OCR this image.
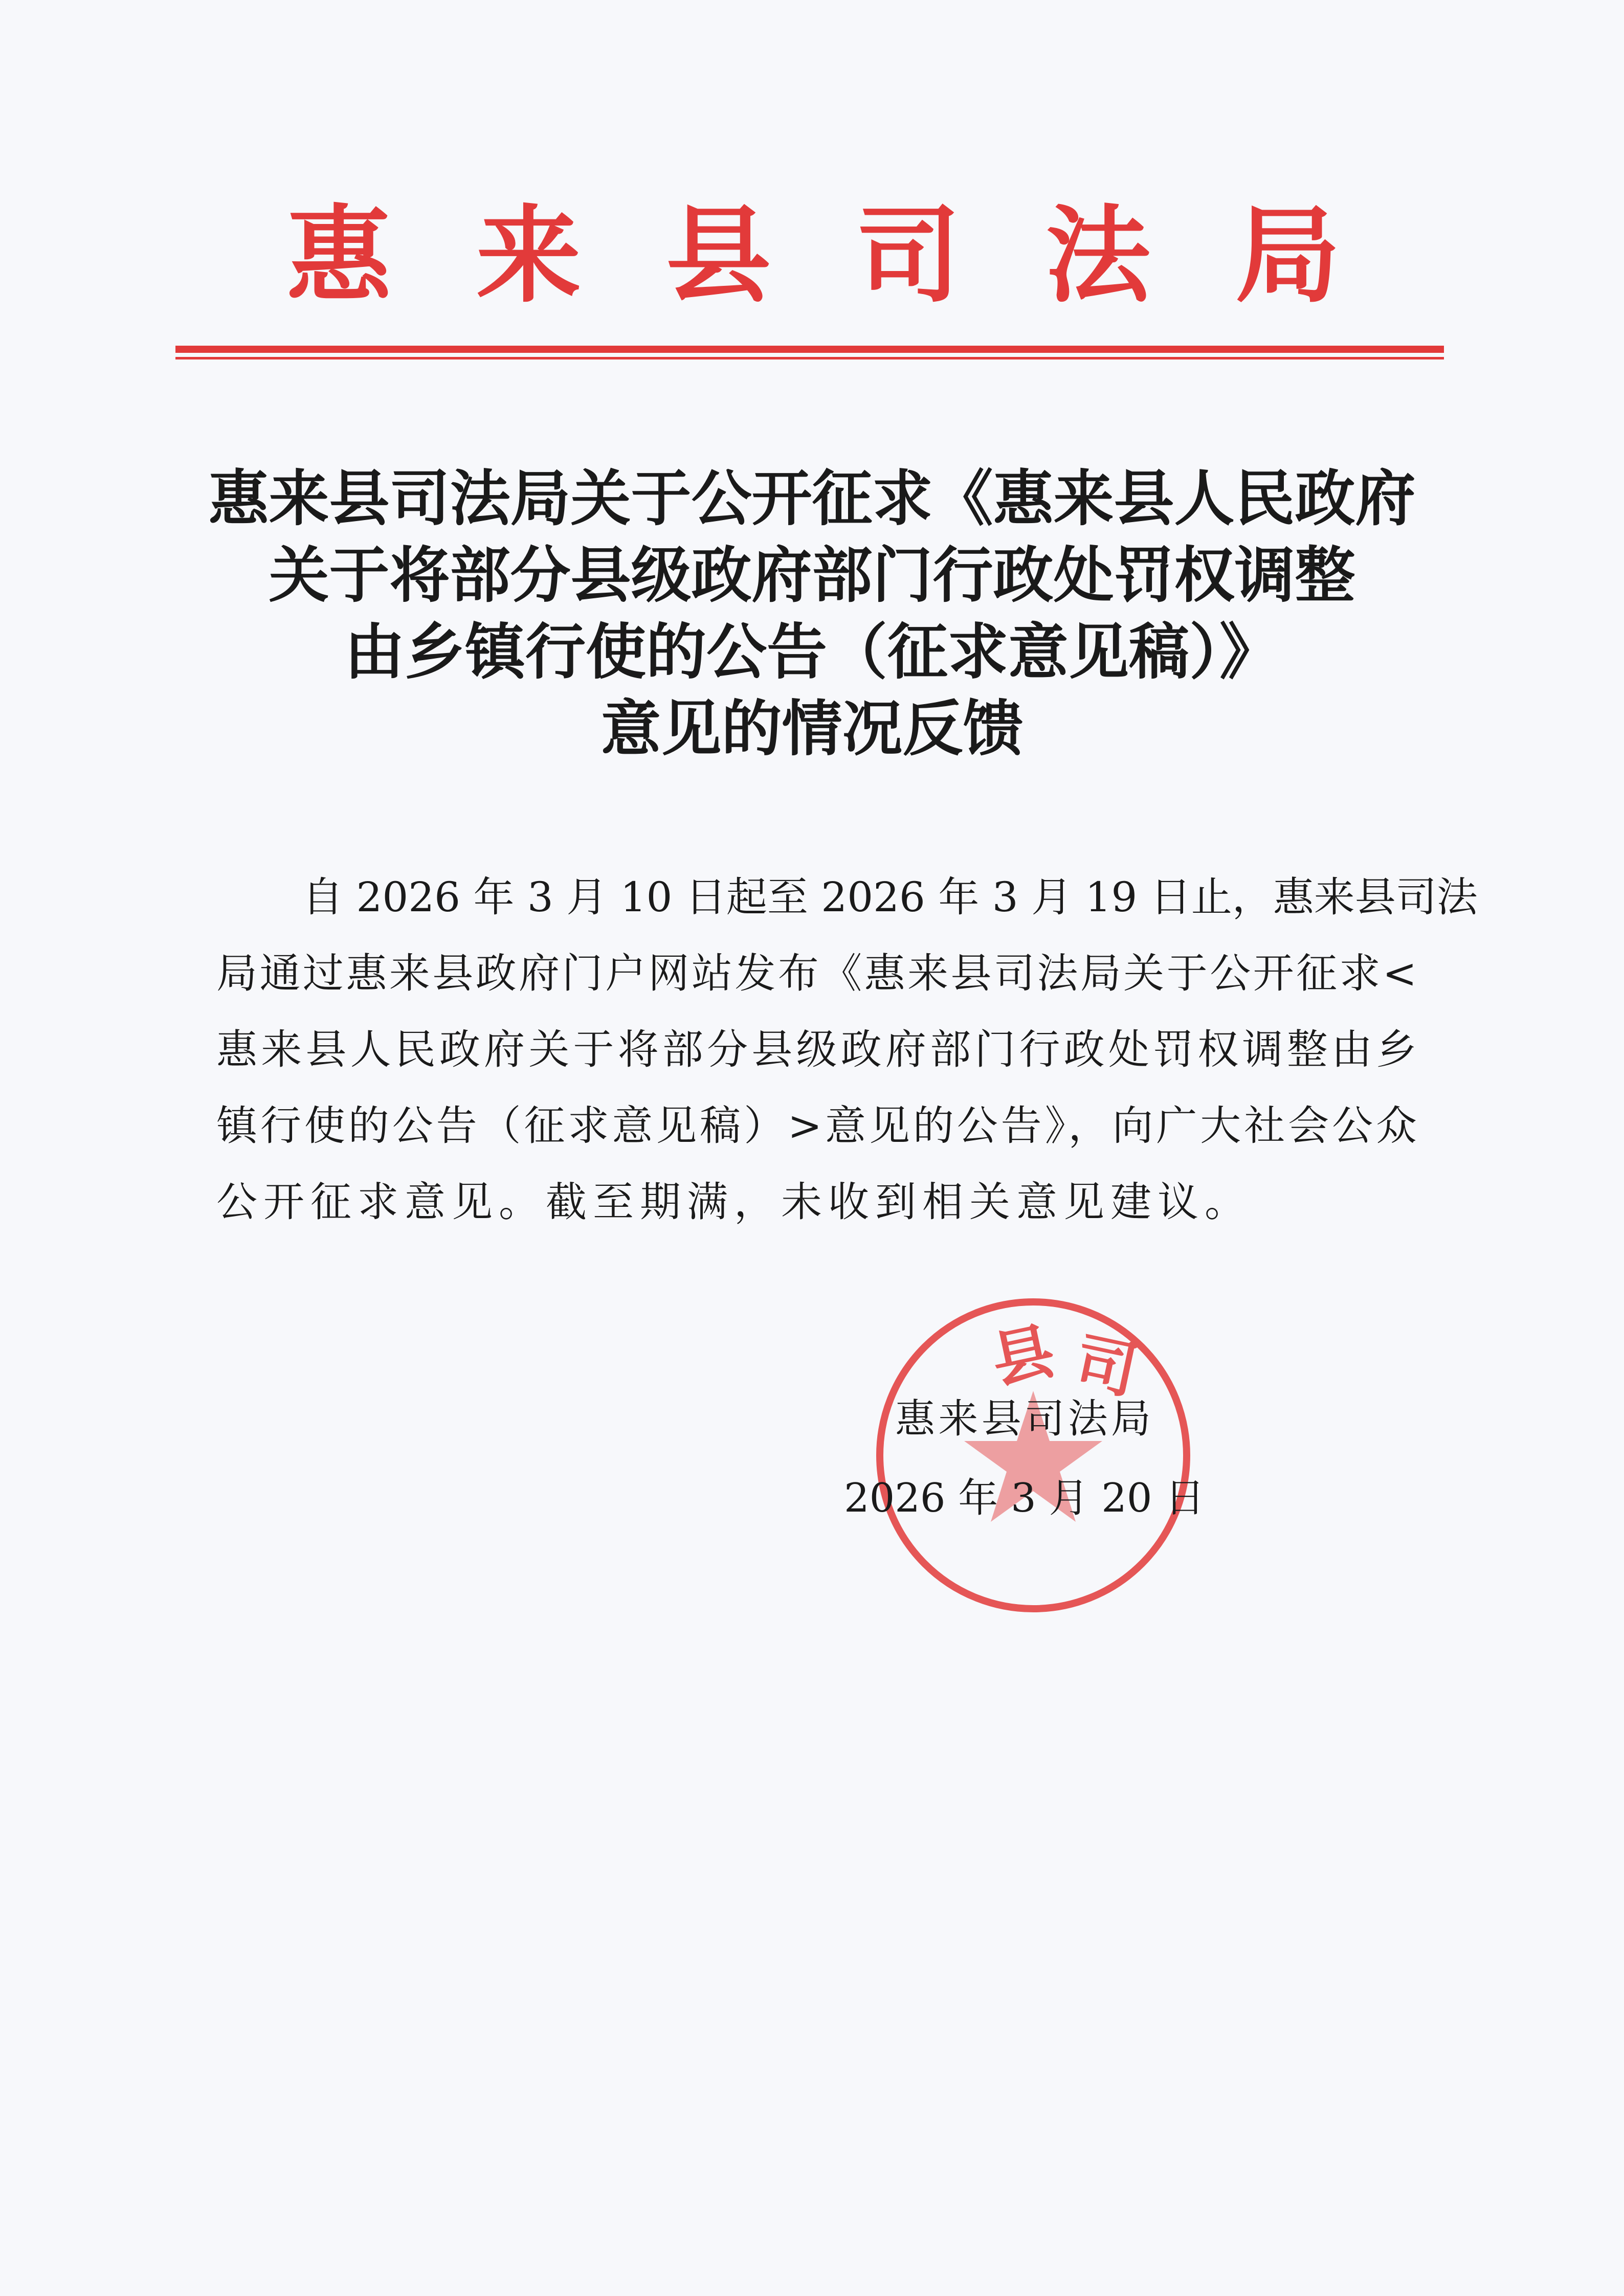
惠 来 县 司 法 局
惠来县司法局关于公开征求《惠来县人民政府
关于将部分县级政府部门行政处罚权调整
由乡镇行使的公告（征求意见稿）》
意见的情况反馈
自 2026 年 3 月 10 日起至 2026 年 3 月 19 日止，惠来县司法
局通过惠来县政府门户网站发布《惠来县司法局关于公开征求<
惠来县人民政府关于将部分县级政府部门行政处罚权调整由乡
镇行使的公告（征求意见稿）>意见的公告》，向广大社会公众
公开征求意见。截至期满，未收到相关意见建议。
县 司
惠来县司法局
2026 年 3 月 20 日
